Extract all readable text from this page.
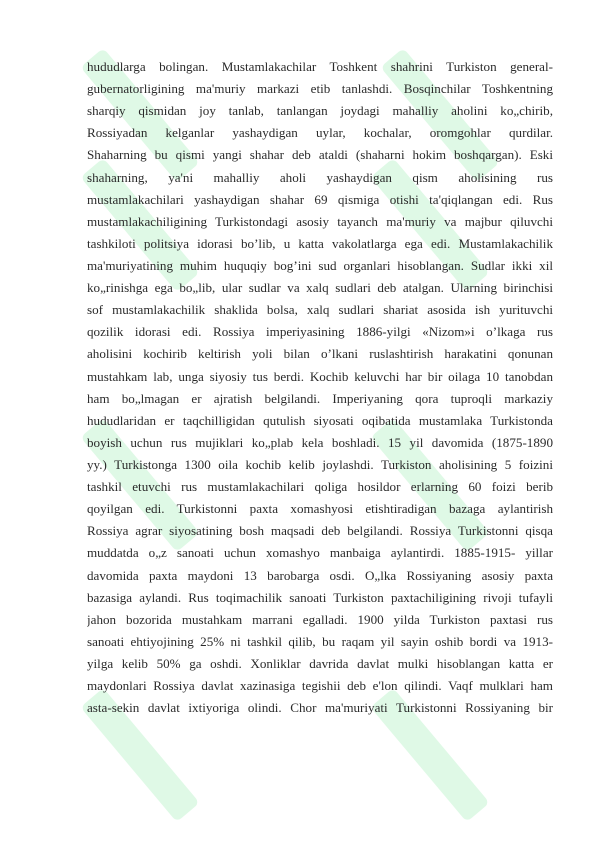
hududlarga bolingan. Mustamlakachilar Toshkent shahrini Turkiston general-
gubernatorligining ma'muriy markazi etib tanlashdi. Bosqinchilar Toshkentning
sharqiy qismidan joy tanlab, tanlangan joydagi mahalliy aholini ko„chirib,
Rossiyadan kelganlar yashaydigan uylar, kochalar, oromgohlar qurdilar.
Shaharning bu qismi yangi shahar deb ataldi (shaharni hokim boshqargan). Eski
shaharning, ya'ni mahalliy aholi yashaydigan qism aholisining rus
mustamlakachilari yashaydigan shahar 69 qismiga otishi ta'qiqlangan edi. Rus
mustamlakachiligining Turkistondagi asosiy tayanch ma'muriy va majbur qiluvchi
tashkiloti politsiya idorasi bo’lib, u katta vakolatlarga ega edi. Mustamlakachilik
ma'muriyatining muhim huquqiy bog’ini sud organlari hisoblangan. Sudlar ikki xil
ko„rinishga ega bo„lib, ular sudlar va xalq sudlari deb atalgan. Ularning birinchisi
sof mustamlakachilik shaklida bolsa, xalq sudlari shariat asosida ish yurituvchi
qozilik idorasi edi. Rossiya imperiyasining 1886-yilgi «Nizom»i o’lkaga rus
aholisini kochirib keltirish yoli bilan o’lkani ruslashtirish harakatini qonunan
mustahkam lab, unga siyosiy tus berdi. Kochib keluvchi har bir oilaga 10 tanobdan
ham bo„lmagan er ajratish belgilandi. Imperiyaning qora tuproqli markaziy
hududlaridan er taqchilligidan qutulish siyosati oqibatida mustamlaka Turkistonda
boyish uchun rus mujiklari ko„plab kela boshladi. 15 yil davomida (1875-1890
yy.) Turkistonga 1300 oila kochib kelib joylashdi. Turkiston aholisining 5 foizini
tashkil etuvchi rus mustamlakachilari qoliga hosildor erlarning 60 foizi berib
qoyilgan edi. Turkistonni paxta xomashyosi etishtiradigan bazaga aylantirish
Rossiya agrar siyosatining bosh maqsadi deb belgilandi. Rossiya Turkistonni qisqa
muddatda o„z sanoati uchun xomashyo manbaiga aylantirdi. 1885-1915- yillar
davomida paxta maydoni 13 barobarga osdi. O„lka Rossiyaning asosiy paxta
bazasiga aylandi. Rus toqimachilik sanoati Turkiston paxtachiligining rivoji tufayli
jahon bozorida mustahkam marrani egalladi. 1900 yilda Turkiston paxtasi rus
sanoati ehtiyojining 25% ni tashkil qilib, bu raqam yil sayin oshib bordi va 1913-
yilga kelib 50% ga oshdi. Xonliklar davrida davlat mulki hisoblangan katta er
maydonlari Rossiya davlat xazinasiga tegishii deb e'lon qilindi. Vaqf mulklari ham
asta-sekin davlat ixtiyoriga olindi. Chor ma'muriyati Turkistonni Rossiyaning bir
